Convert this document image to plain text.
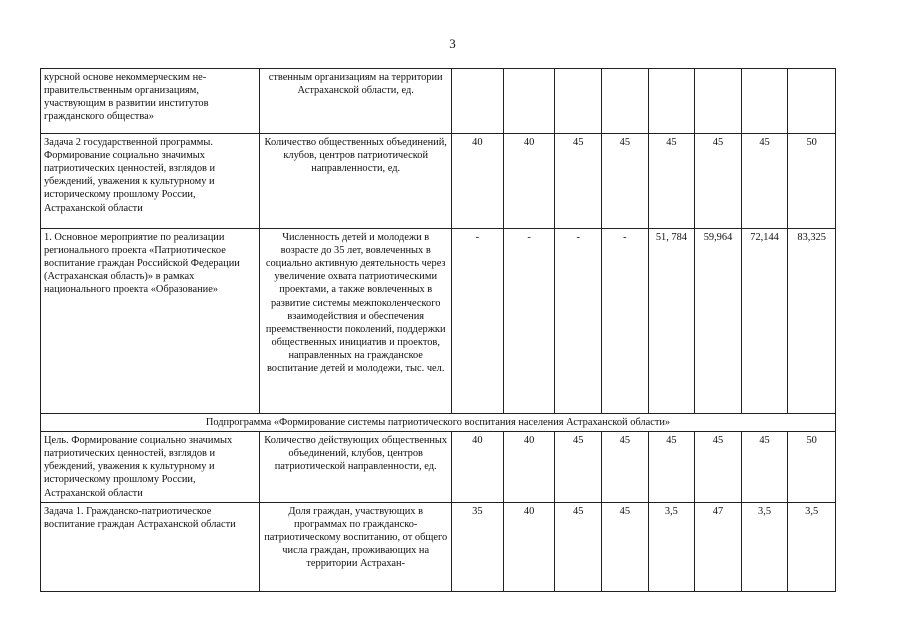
3
курсной основе некоммерческим не-правительственным организациям, участвующим в развитии институтов гражданского общества»	ственным организациям на территории Астраханской области, ед.								
Задача 2 государственной программы. Формирование социально значимых патриотических ценностей, взглядов и убеждений, уважения к культурному и историческому прошлому России, Астраханской области	Количество общественных объединений, клубов, центров патриотической направленности, ед.	40	40	45	45	45	45	45	50
1. Основное мероприятие по реализации регионального проекта «Патриотическое воспитание граждан Российской Федерации (Астраханская область)» в рамках национального проекта «Образование»	Численность детей и молодежи в возрасте до 35 лет, вовлеченных в социально активную деятельность через увеличение охвата патриотическими проектами, а также вовлеченных в развитие системы межпоколенческого взаимодействия и обеспечения преемственности поколений, поддержки общественных инициатив и проектов, направленных на гражданское воспитание детей и молодежи, тыс. чел.	-	-	-	-	51, 784	59,964	72,144	83,325
Подпрограмма «Формирование системы патриотического воспитания населения Астраханской области»									
Цель. Формирование социально значимых патриотических ценностей, взглядов и убеждений, уважения к культурному и историческому прошлому России, Астраханской области	Количество действующих общественных объединений, клубов, центров патриотической направленности, ед.	40	40	45	45	45	45	45	50
Задача 1. Гражданско-патриотическое воспитание граждан Астраханской области	Доля граждан, участвующих в программах по гражданско-патриотическому воспитанию, от общего числа граждан, проживающих на территории Астрахан-	35	40	45	45	3,5	47	3,5	3,5
